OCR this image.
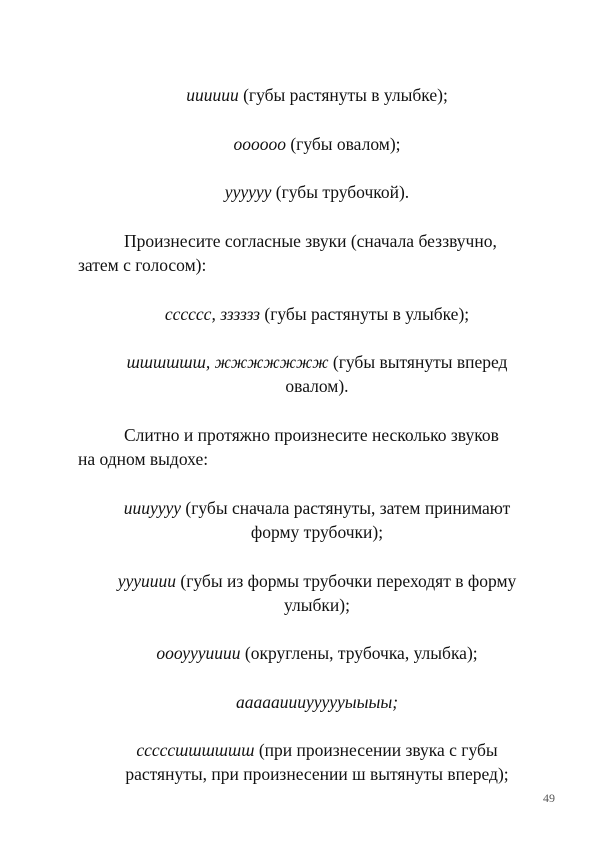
ииииии (губы растянуты в улыбке);
оооооо (губы овалом);
уууууу (губы трубочкой).
Произнесите согласные звуки (сначала беззвучно,
затем с голосом):
сссссс, зззззз (губы растянуты в улыбке);
шшшшшш, жжжжжжж (губы вытянуты вперед
овалом).
Слитно и протяжно произнесите несколько звуков
на одном выдохе:
иииуууу (губы сначала растянуты, затем принимают
форму трубочки);
уууииии (губы из формы трубочки переходят в форму
улыбки);
оооуууииии (округлены, трубочка, улыбка);
аааааиииуууууыыыы;
сссссшшшшшш (при произнесении звука с губы
растянуты, при произнесении ш вытянуты вперед);
49
